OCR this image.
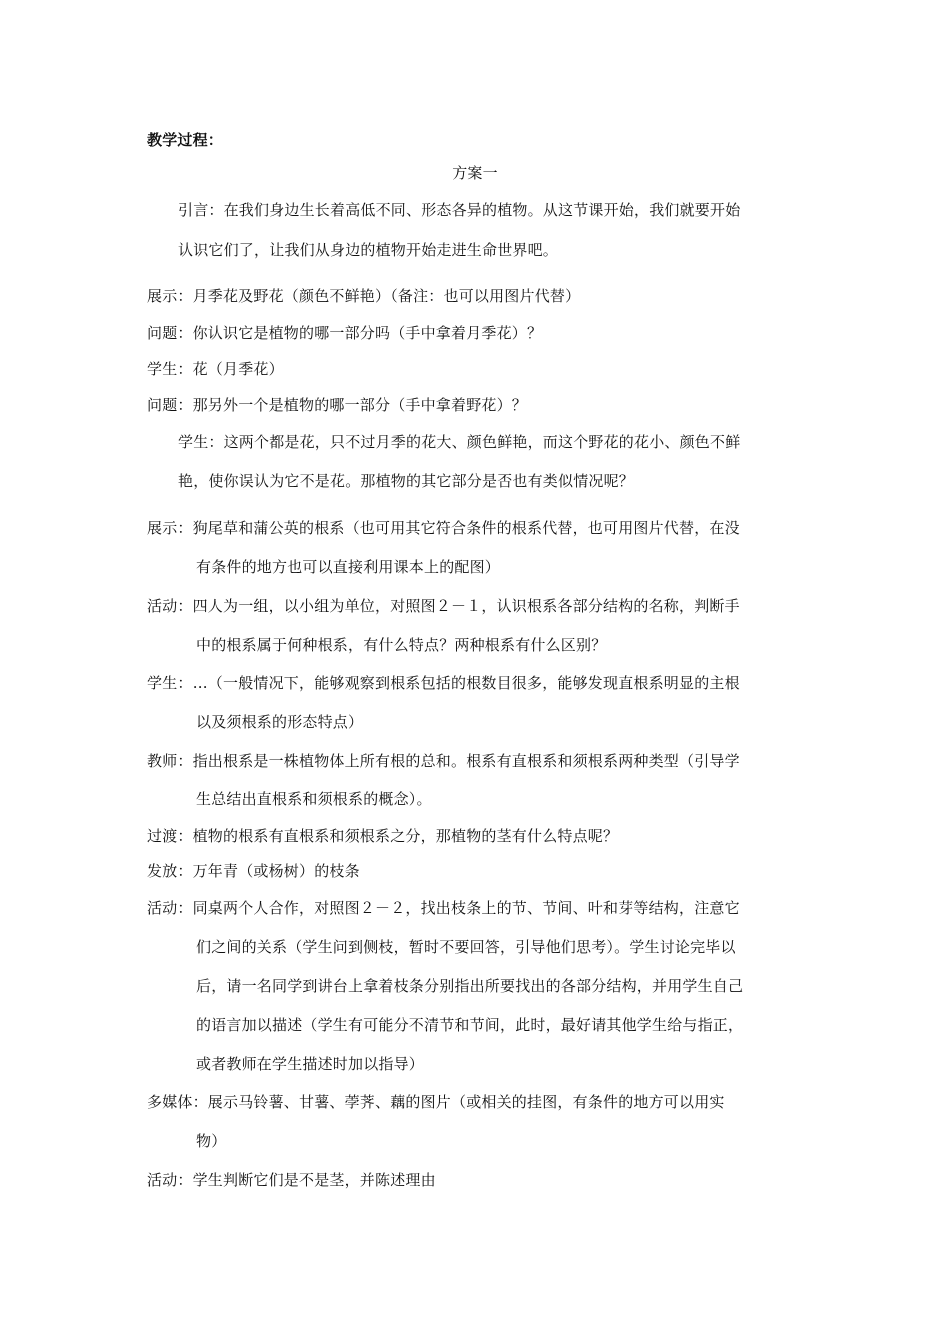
教学过程：
方案一
引言：在我们身边生长着高低不同、形态各异的植物。从这节课开始，我们就要开始
认识它们了，让我们从身边的植物开始走进生命世界吧。
展示：月季花及野花（颜色不鲜艳）（备注：也可以用图片代替）
问题：你认识它是植物的哪一部分吗（手中拿着月季花）？
学生：花（月季花）
问题：那另外一个是植物的哪一部分（手中拿着野花）？
学生：这两个都是花，只不过月季的花大、颜色鲜艳，而这个野花的花小、颜色不鲜
艳，使你误认为它不是花。那植物的其它部分是否也有类似情况呢？
展示：狗尾草和蒲公英的根系（也可用其它符合条件的根系代替，也可用图片代替，在没
有条件的地方也可以直接利用课本上的配图）
活动：四人为一组，以小组为单位，对照图２－１，认识根系各部分结构的名称，判断手
中的根系属于何种根系，有什么特点？两种根系有什么区别？
学生：…（一般情况下，能够观察到根系包括的根数目很多，能够发现直根系明显的主根
以及须根系的形态特点）
教师：指出根系是一株植物体上所有根的总和。根系有直根系和须根系两种类型（引导学
生总结出直根系和须根系的概念）。
过渡：植物的根系有直根系和须根系之分，那植物的茎有什么特点呢？
发放：万年青（或杨树）的枝条
活动：同桌两个人合作，对照图２－２，找出枝条上的节、节间、叶和芽等结构，注意它
们之间的关系（学生问到侧枝，暂时不要回答，引导他们思考）。学生讨论完毕以
后，请一名同学到讲台上拿着枝条分别指出所要找出的各部分结构，并用学生自己
的语言加以描述（学生有可能分不清节和节间，此时，最好请其他学生给与指正，
或者教师在学生描述时加以指导）
多媒体：展示马铃薯、甘薯、荸荠、藕的图片（或相关的挂图，有条件的地方可以用实
物）
活动：学生判断它们是不是茎，并陈述理由
